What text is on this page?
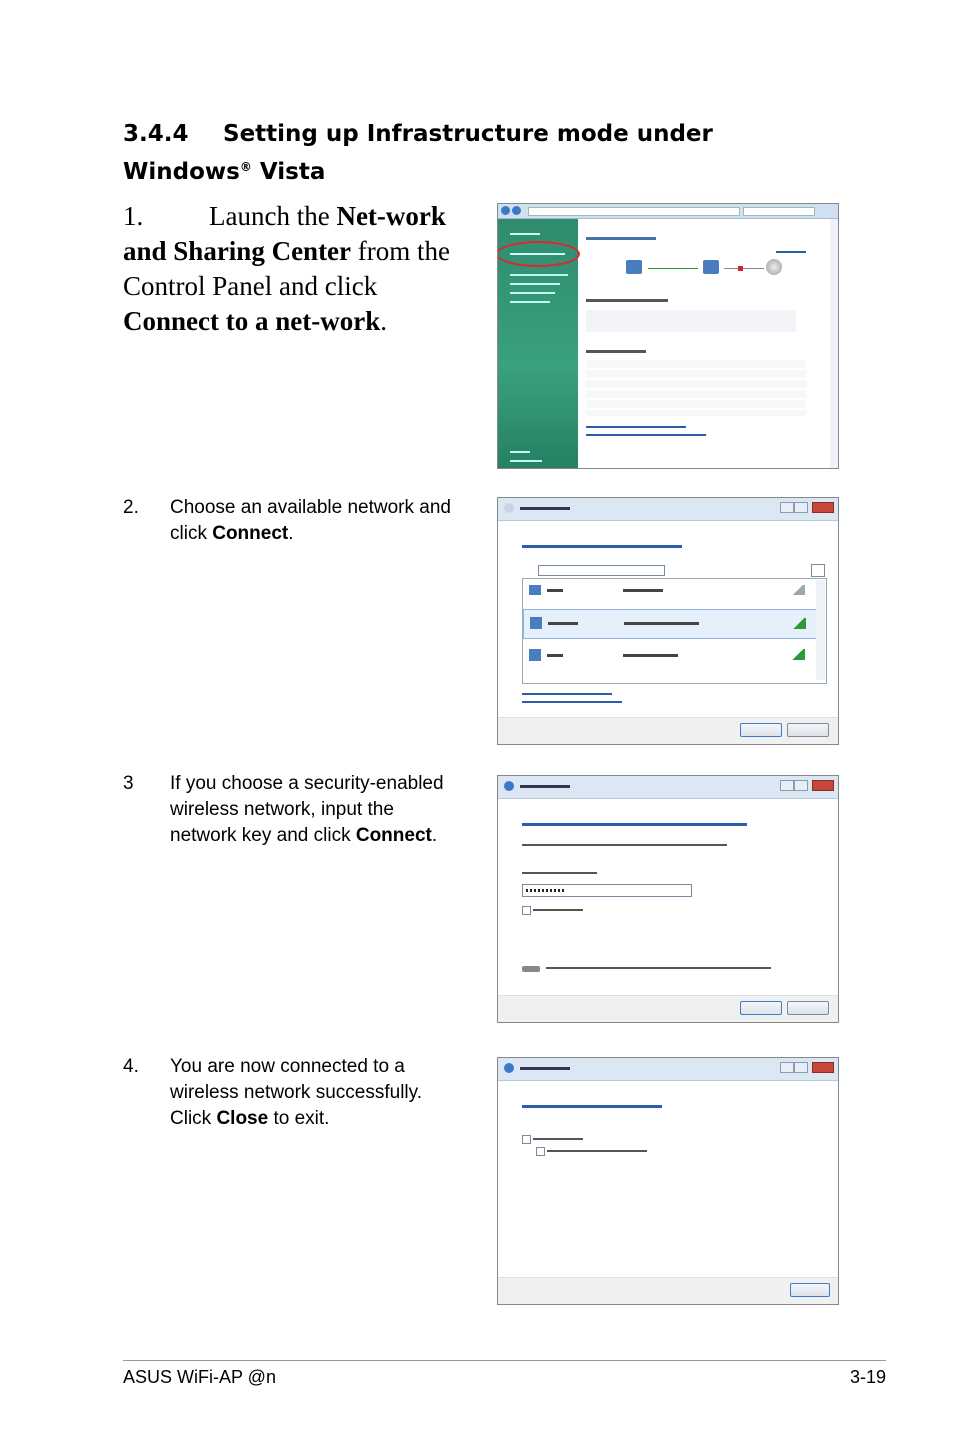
3.4.4 Setting up Infrastructure mode under
Windows® Vista
1. Launch the Net-work and Sharing Center from the Control Panel and click Connect to a net-work.
2. Choose an available network and click Connect.
3 If you choose a security-enabled wireless network, input the network key and click Connect.
4. You are now connected to a wireless network successfully. Click Close to exit.
ASUS WiFi-AP @n	3-19
